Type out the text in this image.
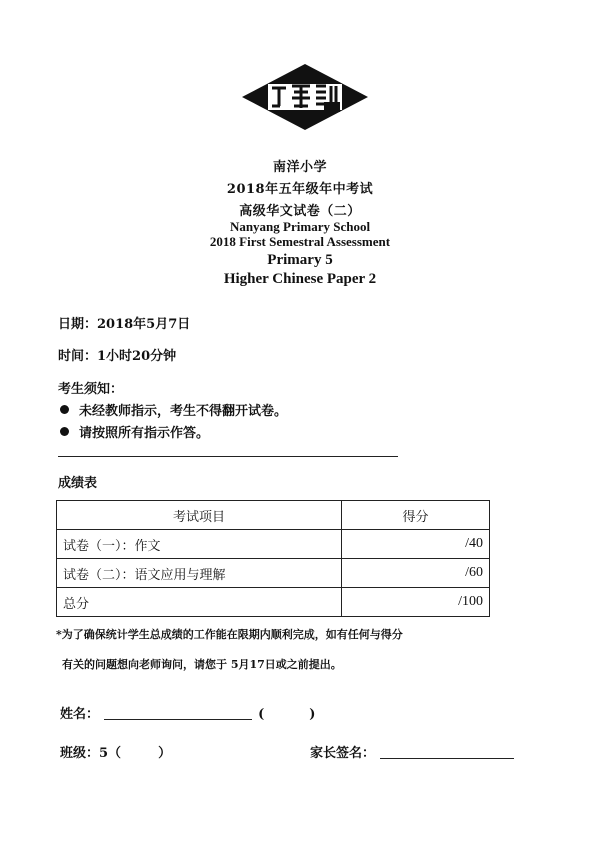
南洋小学
2018年五年级年中考试
高级华文试卷（二）
Nanyang Primary School
2018 First Semestral Assessment
Primary 5
Higher Chinese Paper 2
日期：2018年5月7日
时间：1小时20分钟
考生须知：
未经教师指示，考生不得翻开试卷。
请按照所有指示作答。
成绩表
考试项目	得分
试卷（一）：作文	/40
试卷（二）：语文应用与理解	/60
总分	/100
*为了确保统计学生总成绩的工作能在限期内顺利完成，如有任何与得分
有关的问题想向老师询问，请您于 5月17日或之前提出。
姓名：	(	)
班级：5（	）	家长签名：
